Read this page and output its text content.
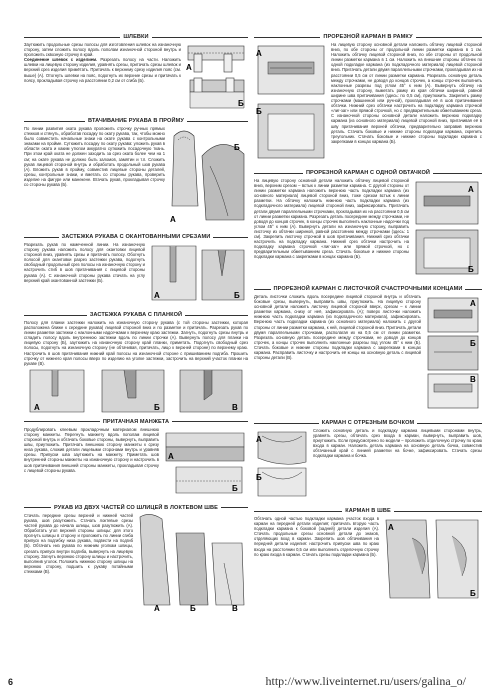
ШЛЕВКИ
А
Б
Заутюжить продольные срезы полосы для изготовления шлевок на изнаночную сторону, затем сложить полосу вдоль пополам изнаночной стороной внутрь и проложить сквозную строчку в край.
Соединение шлевок с изделием. Разрезать полосу на части. Наложить шлевки на лицевую сторону изделия, уравнять срезы, притачать срезы шлевок и верхний срез изделия примётать. Притачать к верхнему срезу изделия пояс (см. выше) (А). Отогнуть шлевки на пояс, подогнуть их верхние срезы и притачать к поясу, прокладывая строчку на расстоянии 0,2 см от сгиба (Б).
ВТАЧИВАНИЕ РУКАВА В ПРОЙМУ
А
Б
По линии развития оката рукава проложить строчку ручных прямых стежков и стянуть, обработав посадку по окату рукава, так, чтобы можно было совместить начальные знаки на окате рукава с контрольными знаками на пройме. Сутюжить посадку по окату рукава: уложить рукав в области оката и каким утюгом аккуратно сутюжить посадочную ткань. При этом край оката не должен заходить за срез оката более чем на 1 см; на окате рукава не должно быть заломов, замятин и т.п. Сложить рукав лицевой стороной внутрь и обработать продольный шов рукава (А). Вложить рукав в пройму, совместив лицевые стороны деталей, срезы, контрольные знаки, и вметать со стороны рукава, проверить изделие на фигуре или манекене. Втачать рукав, прокладывая строчку со стороны рукава (Б).
ЗАСТЕЖКА РУКАВА С ОКАНТОВАННЫМИ СРЕЗАМИ
А	Б
Разрезать рукав по намеченной линии. На изнаночную сторону рукава наложить полосу для окантовки лицевой стороной вниз, уравнять срезы и притачать полосу. Обогнуть полосой для окантовки разрез застежки рукава, подогнуть свободный продольный срез полосы на изнаночную сторону и настрочить стиб в шов притачивания с лицевой стороны рукава (А). С изнаночной стороны рукава стачать на углу верхний край окантованной застежки (Б).
ЗАСТЕЖКА РУКАВА С ПЛАНКОЙ
Полосу для планки застежки наложить на изнаночную сторону рукава (с той стороны застежки, которая расположена ближе к середине рукава) лицевой стороной вниз и по разметке и притачать. Разрезать рукав по линии разметки застежки с наклонными надсечками к верхнему краю застежки. Загнуть, подогнуть срезы внутрь и сгладить полосу вдоль внутреннюю застежки вдоль по линии строчки (А). Вывернуть полосу для планки на лицевую сторону (Б), заутюжить на изнаночную сторону край планки, приметать. Подогнуть свободный срез полосы, подогнуть на изнаночную сторону (не обтачивая, притачать, лицо к верхней стороне) по верхнему краю. Настрочить в шов притачивания нижний край полосы на изнаночной стороне с пришиванием подгиба. Прошить строчку от нижнего края полосы вверх по изделию на уголке застежки, застрочить на верхний участок планки на рукаве (В).
А	Б	В
ПРИТАЧНАЯ МАНЖЕТА
А
Б
Продублировать клеевым прокладочным материалом внешнюю сторону манжеты. Перегнуть манжету вдоль пополам лицевой стороной внутрь и обтачать боковые стороны, вывернуть, выправить швы, приутюжить. Притачать внешнюю сторону манжеты к срезу низа рукава, сложив детали лицевыми сторонами внутрь и уравняв срезы. Припуски шва заутюжить на манжету. Приметать шов внутренней стороны манжеты на изнаночную сторону и настрочить в шов притачивания внешней стороны манжеты, прокладывая строчку с лицевой стороны рукава.
РУКАВ ИЗ ДВУХ ЧАСТЕЙ СО ШЛИЦЕЙ В ЛОКТЕВОМ ШВЕ
А	Б	В
Стачать передние срезы верхней и нижней частей рукава, шов разутюжить. Стачать локтевые срезы частей рукава до начала шлицы, шов разутюжить (А). Обработать угол верхней стороны шлицы: для этого прогнуть шлицы в сторону и проложить по линии сгиба припуск на подгибку низа рукава, подвести на подгиб (Б). Обтачать низ рукава по нижним уголкам шлицы, срезать припуск внутри подгиба, вывернуть на лицевую сторону. Загнуть верхнюю сторону шлицы и настрочить, выполнив уголок. Положить нижнюю сторону шлицы на верхнюю сторону, подшить к рукаву потайными стежками (В).
ПРОРЕЗНОЙ КАРМАН В РАМКУ
А
Б
На лицевую сторону основной детали наложить обтачку лицевой стороной вниз, по обе стороны от продольной линии разметки кармана в 1 см. Наложить обтачку лицевой стороной вниз, по обе стороны от продольной линии разметки кармана в 1 см. Наложить на внешние стороны обтачек по одной подкладке кармана (из подкладочного материала) лицевой стороной вниз. Притачать детали двумя параллельными строчками, прокладывая их на расстоянии 0,5 см от линии разметки кармана. Разрезать основную деталь между строчками, не доводя до концов строчек, а концы строчек выполнить наклонные разрезы под углом 45° к ним (А). Вывернуть обтачку на изнаночную сторону, выметать рамку из края обтачки шириной, равной ширине шва притачивания (здесь: по 0,5 см), приутюжить. Закрепить рамку строчками (машинной или ручной), прокладывая её в шов притачивания обтачки. Нижний срез обтачки настрочить на подкладку кармана строчкой «лиг-заг» или прямой строчкой, но с предварительным обметыванием среза. С изнаночной стороны основной детали наложить верхнюю подкладку кармана (из основного материала) лицевой стороной вниз, притачивая её в шву притачивания верхней обтачки, предварительно заправив верхнюю деталь. Стачать боковые и нижние стороны подкладки кармана, скрепить треугольник. Стачать боковые и нижние стороны подкладки кармана с закрепками в концах кармана (Б).
ПРОРЕЗНОЙ КАРМАН С ОДНОЙ ОБТАЧКОЙ
А
Б
На лицевую сторону основной детали наложить обтачку лицевой стороной вниз, верхним срезом – встык к линии разметки кармана. С другой стороны от линии разметки кармана наложить верхнюю часть подкладки кармана (из основного материала) лицевой стороной вниз, тоже срезом встык к линии разметки. На обтачку наложить нижнюю часть подкладки кармана (из подкладочного материала) лицевой стороной вниз, зафиксировать. Притачать детали двумя параллельными строчками, прокладывая их на расстоянии 0,5 см от линии разметки кармана. Разрезать деталь посередине между строчками, не доводя до концов строчек, в концы строчек выполнить наклонные надсечки под углом 45° к ним (А). Вывернуть детали на изнаночную сторону, выправить листочку из обтачки шириной, равной расстоянию между строчками (здесь: 1 см). Закрепить листочку строчкой в шов притачивания. Нижний срез обтачки настрочить на подкладку кармана. Нижний срез обтачки настрочить на подкладку кармана строчкой «лиг-заг» или прямой строчкой, но с предварительным обметыванием среза. Стачать боковые и нижние стороны подкладки кармана с закрепками в концах кармана (Б).
ПРОРЕЗНОЙ КАРМАН С ЛИСТОЧКОЙ СЧАСТРОЧНЫМИ КОНЦАМИ
А
Б
В
Деталь листочки сложить вдоль посередине лицевой стороной внутрь и обтачать боковые срезы, вывернуть, выправить швы, приутюжить. На лицевую сторону основной детали наложить листочку лицевой стороной вверх, срезом – к линии разметки кармана, снизу от неё, зафиксировать (А); поверх листочки наложить нижнюю часть подкладки кармана (из подкладочного материала), зафиксировать. Верхнюю часть подкладки кармана (из основного материала) наложить с другой стороны от линии разметки кармана, к ней, лицевой стороной вниз. Притачать детали двумя параллельными строчками, располагая их на 0,5 см от линии разметки. Разрезать основную деталь посередине между строчками, не доводя до концов строчек, а концы строчек выполнить наклонные разрезы под углом 45° к ним (Б). Стачать боковые и нижние стороны подкладки кармана с закрепками в концах кармана. Расправить листочку и настрочить её концы на основную деталь с лицевой стороны детали (В).
КАРМАН С ОТРЕЗНЫМ БОЧКОМ
А
Б
Сложить основную деталь и подкладку кармана лицевыми сторонами внутрь, уравнять срезы, обтачать срез входа в карман, вывернуть, выправить шов, приутюжить. Если предусмотрено по модели – проложить отделочную строчку по краю входа в карман. Наложить деталь кармана на основную деталь бочка, совместив обтачанный край с линией разметки на бочке, зафиксировать. Стачать срезы подкладки кармана и бочка.
КАРМАН В ШВЕ
А
Б
Обтачать одной частью подкладки кармана участок входа в карман на передней детали изделия; притачать вторую часть подкладки кармана к боковой (задней) детали изделия (А). Стачать продольные срезы основной детали до знаков, отделяющих вход в карман. Закрепить шов обтачивания на передней детали изделия: настрочить припуски шва по краю входа на расстоянии 0,5 см или выполнить отделочную строчку по краю входа в карман. Стачать срезы подкладки кармана (Б).
6	http://www.liveinternet.ru/users/galina_o/
